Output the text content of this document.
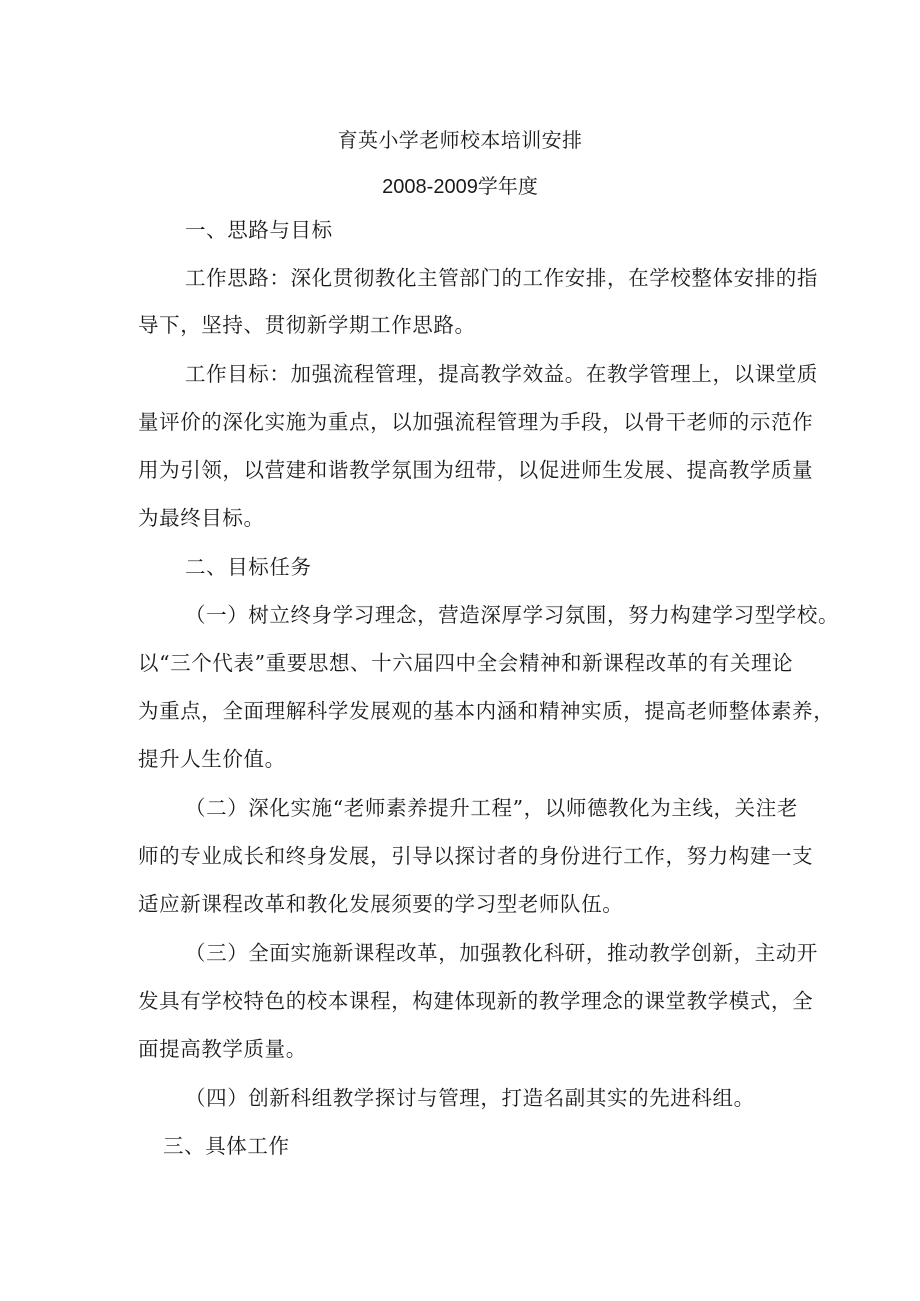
育英小学老师校本培训安排
2008-2009学年度
一、思路与目标
工作思路：深化贯彻教化主管部门的工作安排，在学校整体安排的指
导下，坚持、贯彻新学期工作思路。
工作目标：加强流程管理，提高教学效益。在教学管理上，以课堂质
量评价的深化实施为重点，以加强流程管理为手段，以骨干老师的示范作
用为引领，以营建和谐教学氛围为纽带，以促进师生发展、提高教学质量
为最终目标。
二、目标任务
（一）树立终身学习理念，营造深厚学习氛围，努力构建学习型学校。
以“三个代表”重要思想、十六届四中全会精神和新课程改革的有关理论
为重点，全面理解科学发展观的基本内涵和精神实质，提高老师整体素养，
提升人生价值。
（二）深化实施“老师素养提升工程”，以师德教化为主线，关注老
师的专业成长和终身发展，引导以探讨者的身份进行工作，努力构建一支
适应新课程改革和教化发展须要的学习型老师队伍。
（三）全面实施新课程改革，加强教化科研，推动教学创新，主动开
发具有学校特色的校本课程，构建体现新的教学理念的课堂教学模式，全
面提高教学质量。
（四）创新科组教学探讨与管理，打造名副其实的先进科组。
三、具体工作
